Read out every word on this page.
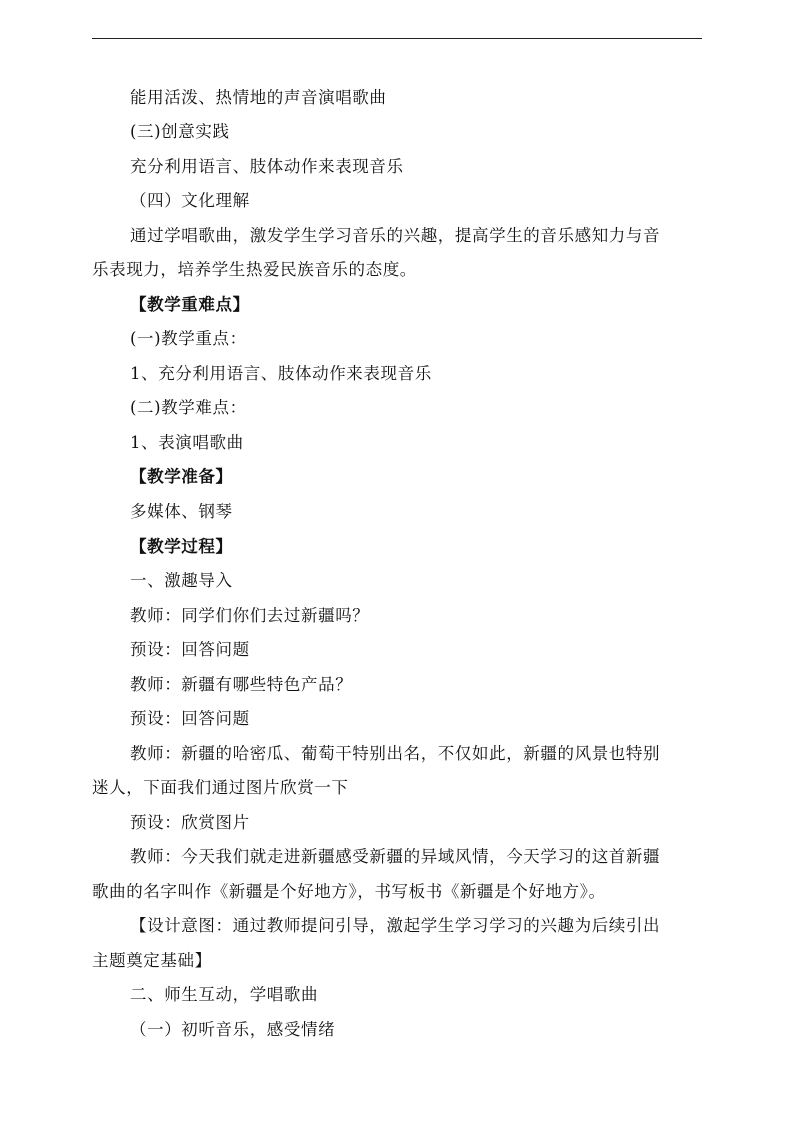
能用活泼、热情地的声音演唱歌曲
(三)创意实践
充分利用语言、肢体动作来表现音乐
（四）文化理解
通过学唱歌曲，激发学生学习音乐的兴趣，提高学生的音乐感知力与音
乐表现力，培养学生热爱民族音乐的态度。
【教学重难点】
(一)教学重点：
1、充分利用语言、肢体动作来表现音乐
(二)教学难点：
1、表演唱歌曲
【教学准备】
多媒体、钢琴
【教学过程】
一、激趣导入
教师：同学们你们去过新疆吗？
预设：回答问题
教师：新疆有哪些特色产品？
预设：回答问题
教师：新疆的哈密瓜、葡萄干特别出名，不仅如此，新疆的风景也特别
迷人，下面我们通过图片欣赏一下
预设：欣赏图片
教师：今天我们就走进新疆感受新疆的异域风情，今天学习的这首新疆
歌曲的名字叫作《新疆是个好地方》，书写板书《新疆是个好地方》。
【设计意图：通过教师提问引导，激起学生学习学习的兴趣为后续引出
主题奠定基础】
二、师生互动，学唱歌曲
（一）初听音乐，感受情绪
